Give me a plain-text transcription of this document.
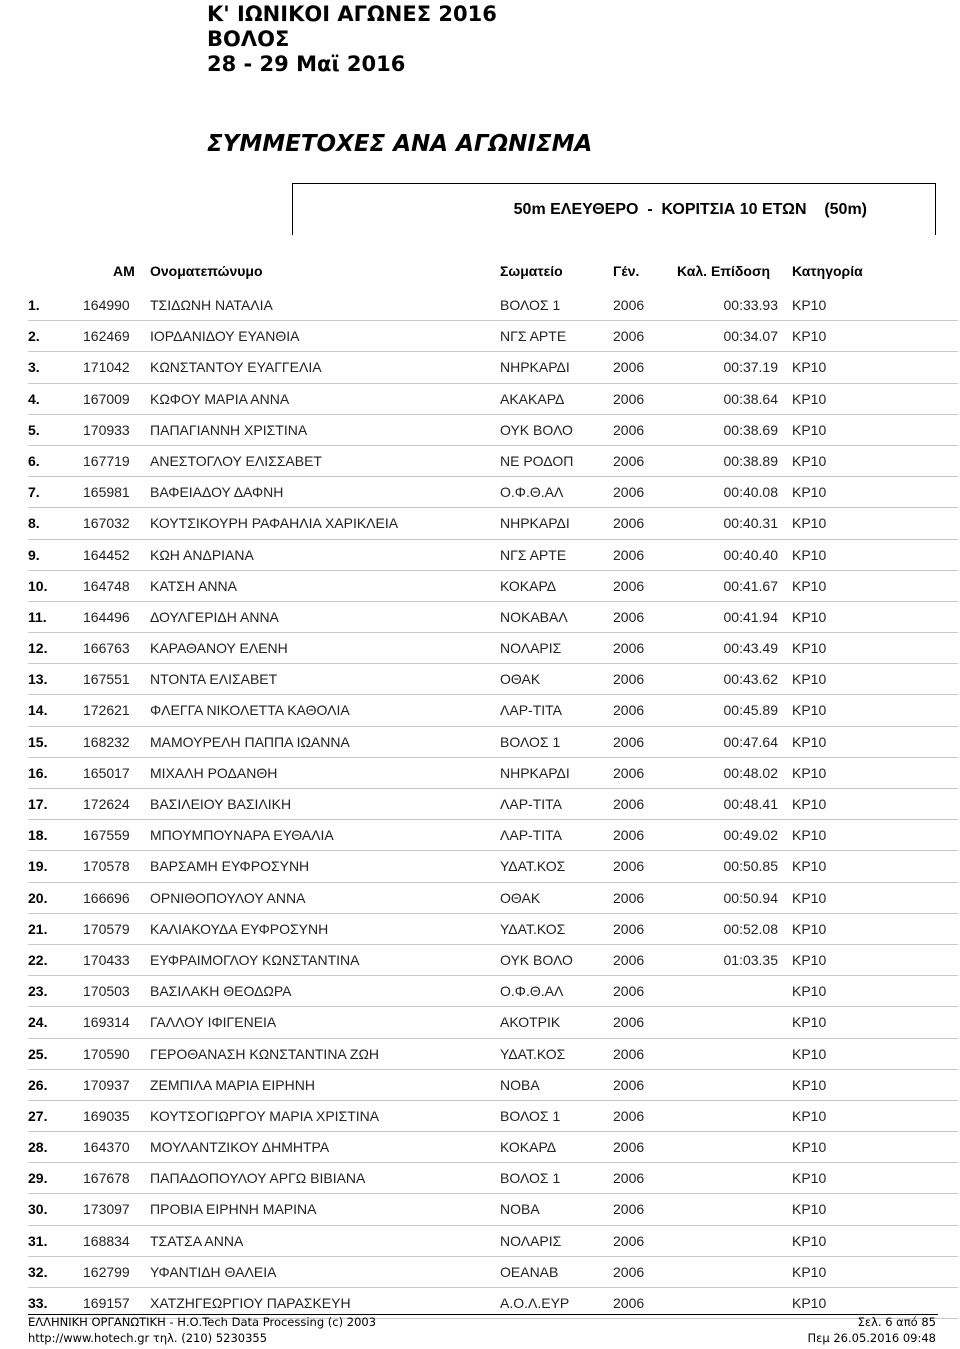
Κ' ΙΩΝΙΚΟΙ ΑΓΩΝΕΣ 2016
ΒΟΛΟΣ
28 - 29 Μαϊ 2016
ΣΥΜΜΕΤΟΧΕΣ ΑΝΑ ΑΓΩΝΙΣΜΑ
50m ΕΛΕΥΘΕΡΟ  -  ΚΟΡΙΤΣΙΑ 10 ΕΤΩΝ    (50m)
ΑΜ Ονοματεπώνυμο	Σωματείο	Γέν.	Καλ. Επίδοση Κατηγορία
1.	164990 ΤΣΙΔΩΝΗ ΝΑΤΑΛΙΑ	ΒΟΛΟΣ 1	2006	00:33.93 ΚΡ10
2.	162469 ΙΟΡΔΑΝΙΔΟΥ ΕΥΑΝΘΙΑ	ΝΓΣ ΑΡΤΕ	2006	00:34.07 ΚΡ10
3.	171042 ΚΩΝΣΤΑΝΤΟΥ ΕΥΑΓΓΕΛΙΑ	ΝΗΡΚΑΡΔΙ	2006	00:37.19 ΚΡ10
4.	167009 ΚΩΦΟΥ ΜΑΡΙΑ ΑΝΝΑ	ΑΚΑΚΑΡΔ	2006	00:38.64 ΚΡ10
5.	170933 ΠΑΠΑΓΙΑΝΝΗ ΧΡΙΣΤΙΝΑ	ΟΥΚ ΒΟΛΟ	2006	00:38.69 ΚΡ10
6.	167719 ΑΝΕΣΤΟΓΛΟΥ ΕΛΙΣΣΑΒΕΤ	ΝΕ ΡΟΔΟΠ	2006	00:38.89 ΚΡ10
7.	165981 ΒΑΦΕΙΑΔΟΥ ΔΑΦΝΗ	Ο.Φ.Θ.ΑΛ	2006	00:40.08 ΚΡ10
8.	167032 ΚΟΥΤΣΙΚΟΥΡΗ ΡΑΦΑΗΛΙΑ ΧΑΡΙΚΛΕΙΑ	ΝΗΡΚΑΡΔΙ	2006	00:40.31 ΚΡ10
9.	164452 ΚΩΗ ΑΝΔΡΙΑΝΑ	ΝΓΣ ΑΡΤΕ	2006	00:40.40 ΚΡ10
10.	164748 ΚΑΤΣΗ ΑΝΝΑ	ΚΟΚΑΡΔ	2006	00:41.67 ΚΡ10
11.	164496 ΔΟΥΛΓΕΡΙΔΗ ΑΝΝΑ	ΝΟΚΑΒΑΛ	2006	00:41.94 ΚΡ10
12.	166763 ΚΑΡΑΘΑΝΟΥ ΕΛΕΝΗ	ΝΟΛΑΡΙΣ	2006	00:43.49 ΚΡ10
13.	167551 ΝΤΟΝΤΑ ΕΛΙΣΑΒΕΤ	ΟΘΑΚ	2006	00:43.62 ΚΡ10
14.	172621 ΦΛΕΓΓΑ ΝΙΚΟΛΕΤΤΑ ΚΑΘΟΛΙΑ	ΛΑΡ-ΤΙΤΑ	2006	00:45.89 ΚΡ10
15.	168232 ΜΑΜΟΥΡΕΛΗ ΠΑΠΠΑ ΙΩΑΝΝΑ	ΒΟΛΟΣ 1	2006	00:47.64 ΚΡ10
16.	165017 ΜΙΧΑΛΗ ΡΟΔΑΝΘΗ	ΝΗΡΚΑΡΔΙ	2006	00:48.02 ΚΡ10
17.	172624 ΒΑΣΙΛΕΙΟΥ ΒΑΣΙΛΙΚΗ	ΛΑΡ-ΤΙΤΑ	2006	00:48.41 ΚΡ10
18.	167559 ΜΠΟΥΜΠΟΥΝΑΡΑ ΕΥΘΑΛΙΑ	ΛΑΡ-ΤΙΤΑ	2006	00:49.02 ΚΡ10
19.	170578 ΒΑΡΣΑΜΗ ΕΥΦΡΟΣΥΝΗ	ΥΔΑΤ.ΚΟΣ	2006	00:50.85 ΚΡ10
20.	166696 ΟΡΝΙΘΟΠΟΥΛΟΥ ΑΝΝΑ	ΟΘΑΚ	2006	00:50.94 ΚΡ10
21.	170579 ΚΑΛΙΑΚΟΥΔΑ ΕΥΦΡΟΣΥΝΗ	ΥΔΑΤ.ΚΟΣ	2006	00:52.08 ΚΡ10
22.	170433 ΕΥΦΡΑΙΜΟΓΛΟΥ ΚΩΝΣΤΑΝΤΙΝΑ	ΟΥΚ ΒΟΛΟ	2006	01:03.35 ΚΡ10
23.	170503 ΒΑΣΙΛΑΚΗ ΘΕΟΔΩΡΑ	Ο.Φ.Θ.ΑΛ	2006	ΚΡ10
24.	169314 ΓΑΛΛΟΥ ΙΦΙΓΕΝΕΙΑ	ΑΚΟΤΡΙΚ	2006	ΚΡ10
25.	170590 ΓΕΡΟΘΑΝΑΣΗ ΚΩΝΣΤΑΝΤΙΝΑ ΖΩΗ	ΥΔΑΤ.ΚΟΣ	2006	ΚΡ10
26.	170937 ΖΕΜΠΙΛΑ ΜΑΡΙΑ ΕΙΡΗΝΗ	ΝΟΒΑ	2006	ΚΡ10
27.	169035 ΚΟΥΤΣΟΓΙΩΡΓΟΥ ΜΑΡΙΑ ΧΡΙΣΤΙΝΑ	ΒΟΛΟΣ 1	2006	ΚΡ10
28.	164370 ΜΟΥΛΑΝΤΖΙΚΟΥ ΔΗΜΗΤΡΑ	ΚΟΚΑΡΔ	2006	ΚΡ10
29.	167678 ΠΑΠΑΔΟΠΟΥΛΟΥ ΑΡΓΩ ΒΙΒΙΑΝΑ	ΒΟΛΟΣ 1	2006	ΚΡ10
30.	173097 ΠΡΟΒΙΑ ΕΙΡΗΝΗ ΜΑΡΙΝΑ	ΝΟΒΑ	2006	ΚΡ10
31.	168834 ΤΣΑΤΣΑ ΑΝΝΑ	ΝΟΛΑΡΙΣ	2006	ΚΡ10
32.	162799 ΥΦΑΝΤΙΔΗ ΘΑΛΕΙΑ	ΟΕΑΝΑΒ	2006	ΚΡ10
33.	169157 ΧΑΤΖΗΓΕΩΡΓΙΟΥ ΠΑΡΑΣΚΕΥΗ	Α.Ο.Λ.ΕΥΡ	2006	ΚΡ10
ΕΛΛΗΝΙΚΗ ΟΡΓΑΝΩΤΙΚΗ - Η.Ο.Tech Data Processing (c) 2003
http://www.hotech.gr τηλ. (210) 5230355
Σελ. 6 από 85
Πεμ 26.05.2016 09:48
